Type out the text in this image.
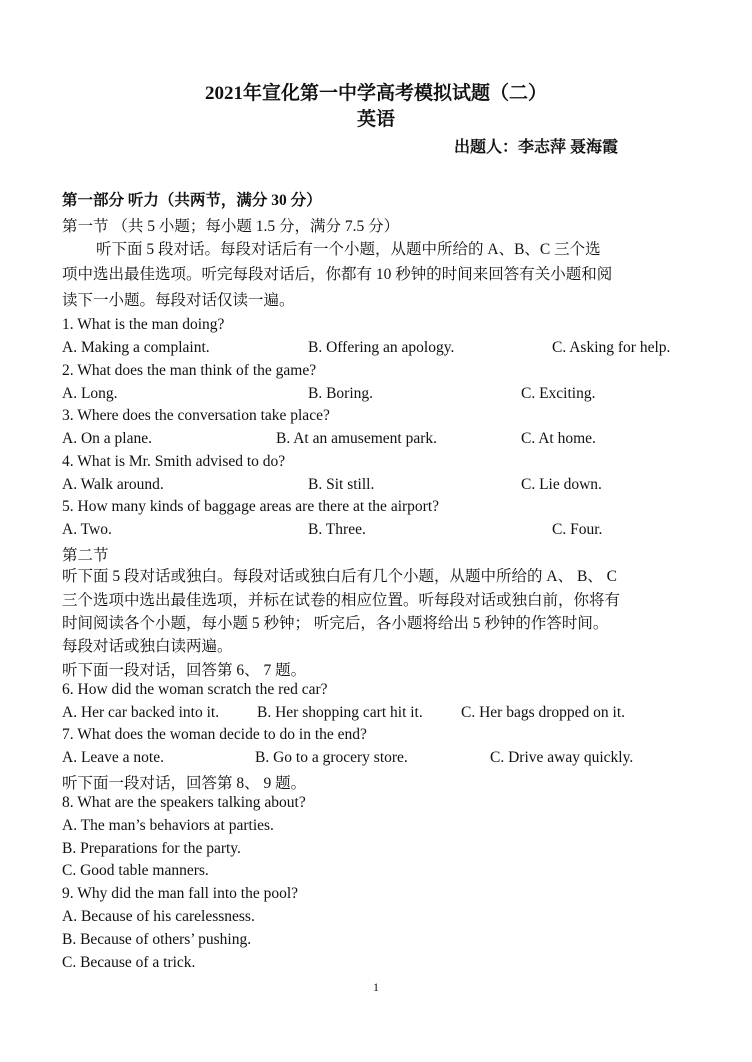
2021年宣化第一中学高考模拟试题（二）
英语
出题人：李志萍 聂海霞
第一部分 听力（共两节，满分 30 分）
第一节 （共 5 小题；每小题 1.5 分，满分 7.5 分）
听下面 5 段对话。每段对话后有一个小题，从题中所给的 A、B、C 三个选
项中选出最佳选项。听完每段对话后，你都有 10 秒钟的时间来回答有关小题和阅
读下一小题。每段对话仅读一遍。
1. What is the man doing?
A. Making a complaint.	B. Offering an apology.	C. Asking for help.
2. What does the man think of the game?
A. Long.	B. Boring.	C. Exciting.
3. Where does the conversation take place?
A. On a plane.	B. At an amusement park.	C. At home.
4. What is Mr. Smith advised to do?
A. Walk around.	B. Sit still.	C. Lie down.
5. How many kinds of baggage areas are there at the airport?
A. Two.	B. Three.	C. Four.
第二节
听下面 5 段对话或独白。每段对话或独白后有几个小题，从题中所给的 A、 B、 C
三个选项中选出最佳选项，并标在试卷的相应位置。听每段对话或独白前，你将有
时间阅读各个小题，每小题 5 秒钟； 听完后，各小题将给出 5 秒钟的作答时间。
每段对话或独白读两遍。
听下面一段对话，回答第 6、 7 题。
6. How did the woman scratch the red car?
A. Her car backed into it. B. Her shopping cart hit it. C. Her bags dropped on it.
7. What does the woman decide to do in the end?
A. Leave a note.	B. Go to a grocery store.	C. Drive away quickly.
听下面一段对话，回答第 8、 9 题。
8. What are the speakers talking about?
A. The man’s behaviors at parties.
B. Preparations for the party.
C. Good table manners.
9. Why did the man fall into the pool?
A. Because of his carelessness.
B. Because of others’ pushing.
C. Because of a trick.
1
